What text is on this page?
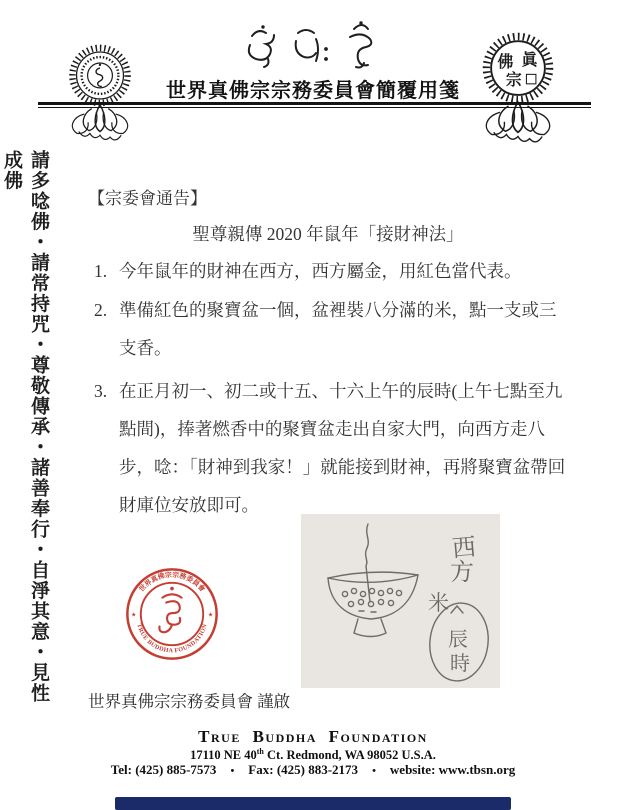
佛 眞
宗
世界真佛宗宗務委員會簡覆用箋
請多唸佛・請常持咒・尊敬傳承・諸善奉行・自淨其意・見性成佛
【宗委會通告】
聖尊親傳 2020 年鼠年「接財神法」
1. 今年鼠年的財神在西方，西方屬金，用紅色當代表。
2. 準備紅色的聚寶盆一個，盆裡裝八分滿的米，點一支或三支香。
3. 在正月初一、初二或十五、十六上午的辰時(上午七點至九點間)，捧著燃香中的聚寶盆走出自家大門，向西方走八步，唸：「財神到我家！」就能接到財神，再將聚寶盆帶回財庫位安放即可。
世界真佛宗宗務委員會
TRUE BUDDHA FOUNDATION
★	★
米
西
方
辰
時
世界真佛宗宗務委員會 謹啟
True Buddha Foundation
17110 NE 40th Ct. Redmond, WA 98052 U.S.A.
Tel: (425) 885-7573 • Fax: (425) 883-2173 • website: www.tbsn.org
